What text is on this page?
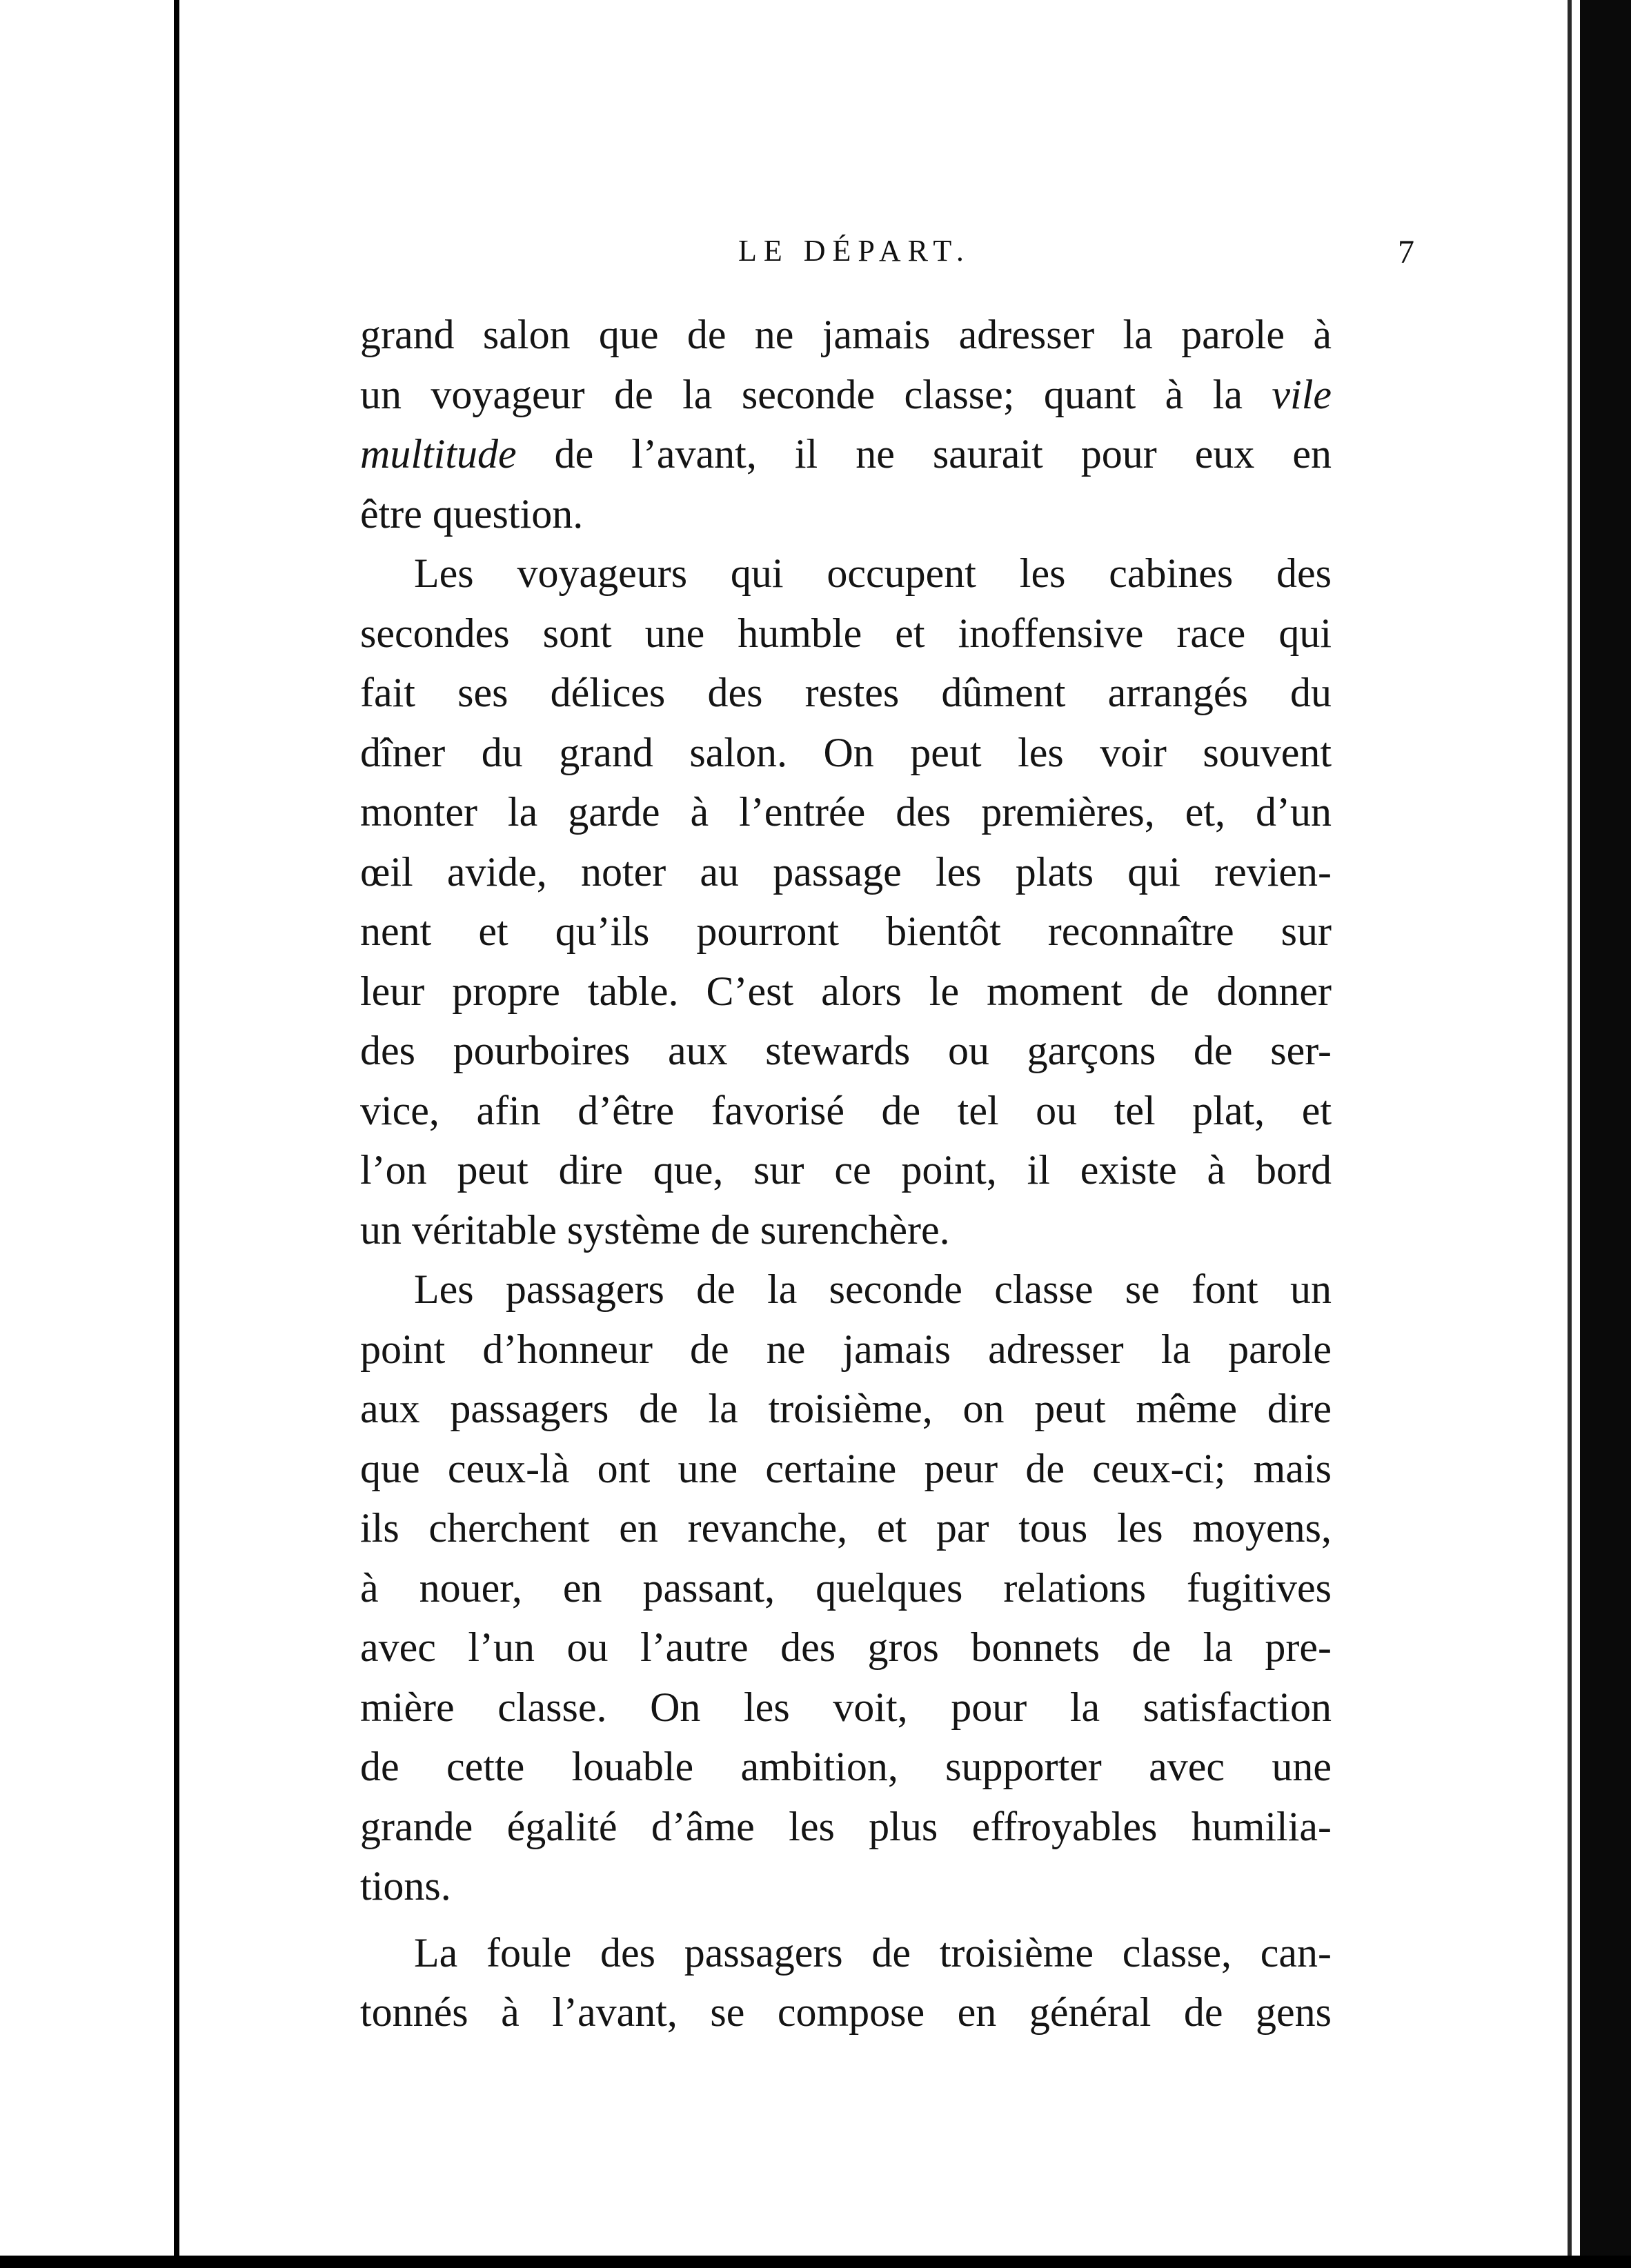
LE DÉPART.	7
grand salon que de ne jamais adresser la parole à
un voyageur de la seconde classe; quant à la vile
multitude de l’avant, il ne saurait pour eux en
être question.
Les voyageurs qui occupent les cabines des
secondes sont une humble et inoffensive race qui
fait ses délices des restes dûment arrangés du
dîner du grand salon. On peut les voir souvent
monter la garde à l’entrée des premières, et, d’un
œil avide, noter au passage les plats qui revien-
nent et qu’ils pourront bientôt reconnaître sur
leur propre table. C’est alors le moment de donner
des pourboires aux stewards ou garçons de ser-
vice, afin d’être favorisé de tel ou tel plat, et
l’on peut dire que, sur ce point, il existe à bord
un véritable système de surenchère.
Les passagers de la seconde classe se font un
point d’honneur de ne jamais adresser la parole
aux passagers de la troisième, on peut même dire
que ceux-là ont une certaine peur de ceux-ci; mais
ils cherchent en revanche, et par tous les moyens,
à nouer, en passant, quelques relations fugitives
avec l’un ou l’autre des gros bonnets de la pre-
mière classe. On les voit, pour la satisfaction
de cette louable ambition, supporter avec une
grande égalité d’âme les plus effroyables humilia-
tions.
La foule des passagers de troisième classe, can-
tonnés à l’avant, se compose en général de gens
